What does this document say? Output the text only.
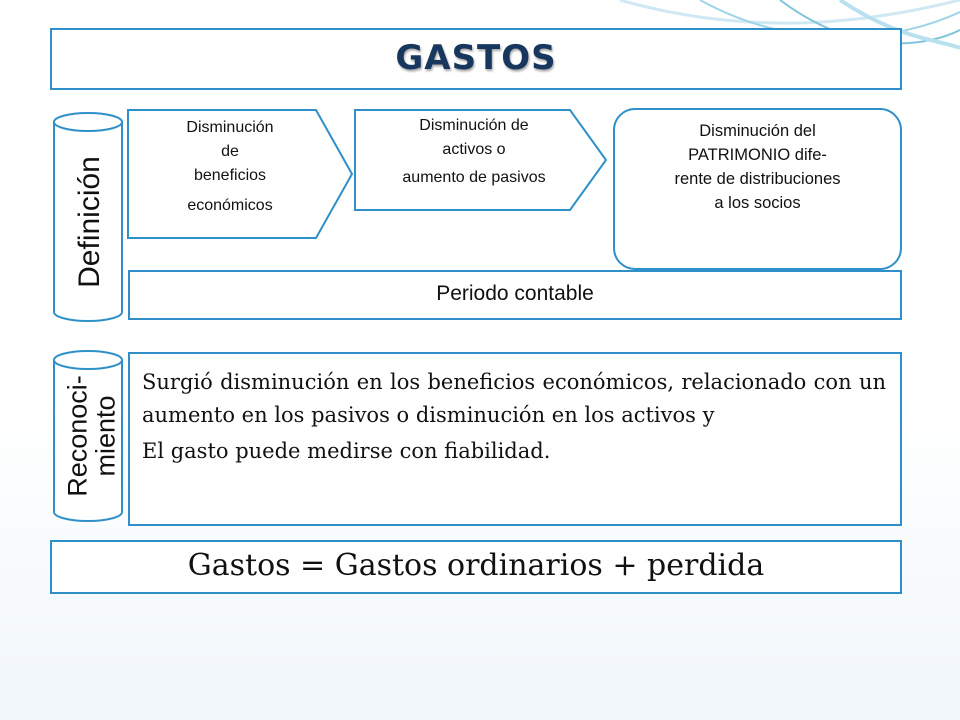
GASTOS
Definición
Disminución
de
beneficios
económicos
Disminución de
activos o
aumento de pasivos
Disminución del
PATRIMONIO dife-
rente de distribuciones
a los socios
Periodo contable
Reconoci-
miento

Surgió disminución en los beneficios económicos, relacionado con un aumento en los pasivos o disminución en los activos y

El gasto puede medirse con fiabilidad.

Gastos = Gastos ordinarios + perdida
